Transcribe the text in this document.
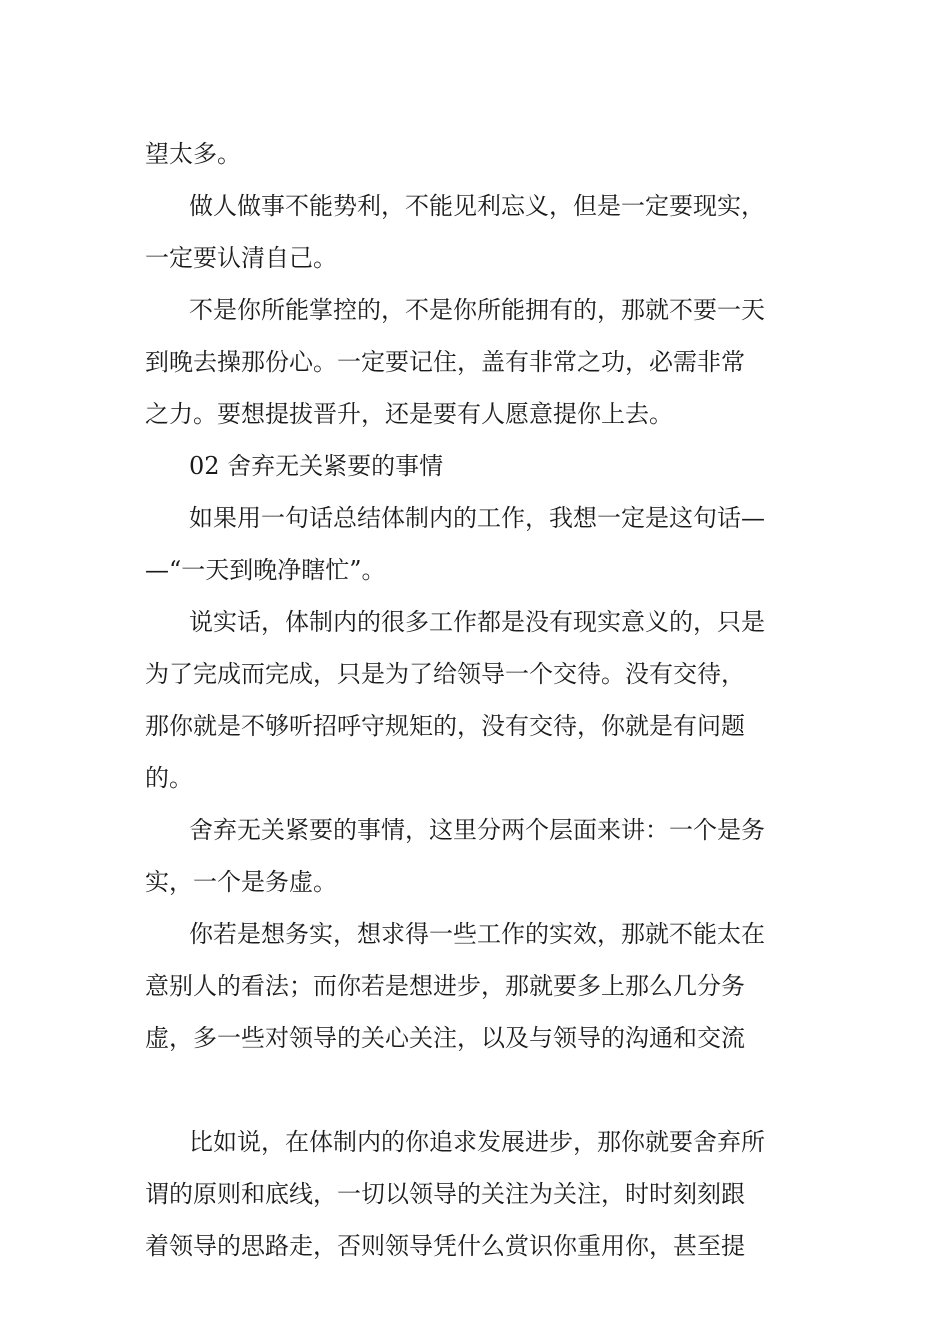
望太多。
做人做事不能势利，不能见利忘义，但是一定要现实，
一定要认清自己。
不是你所能掌控的，不是你所能拥有的，那就不要一天
到晚去操那份心。一定要记住，盖有非常之功，必需非常
之力。要想提拔晋升，还是要有人愿意提你上去。
02 舍弃无关紧要的事情
如果用一句话总结体制内的工作，我想一定是这句话—
—“一天到晚净瞎忙”。
说实话，体制内的很多工作都是没有现实意义的，只是
为了完成而完成，只是为了给领导一个交待。没有交待，
那你就是不够听招呼守规矩的，没有交待，你就是有问题
的。
舍弃无关紧要的事情，这里分两个层面来讲：一个是务
实，一个是务虚。
你若是想务实，想求得一些工作的实效，那就不能太在
意别人的看法；而你若是想进步，那就要多上那么几分务
虚，多一些对领导的关心关注，以及与领导的沟通和交流
比如说，在体制内的你追求发展进步，那你就要舍弃所
谓的原则和底线，一切以领导的关注为关注，时时刻刻跟
着领导的思路走，否则领导凭什么赏识你重用你，甚至提
